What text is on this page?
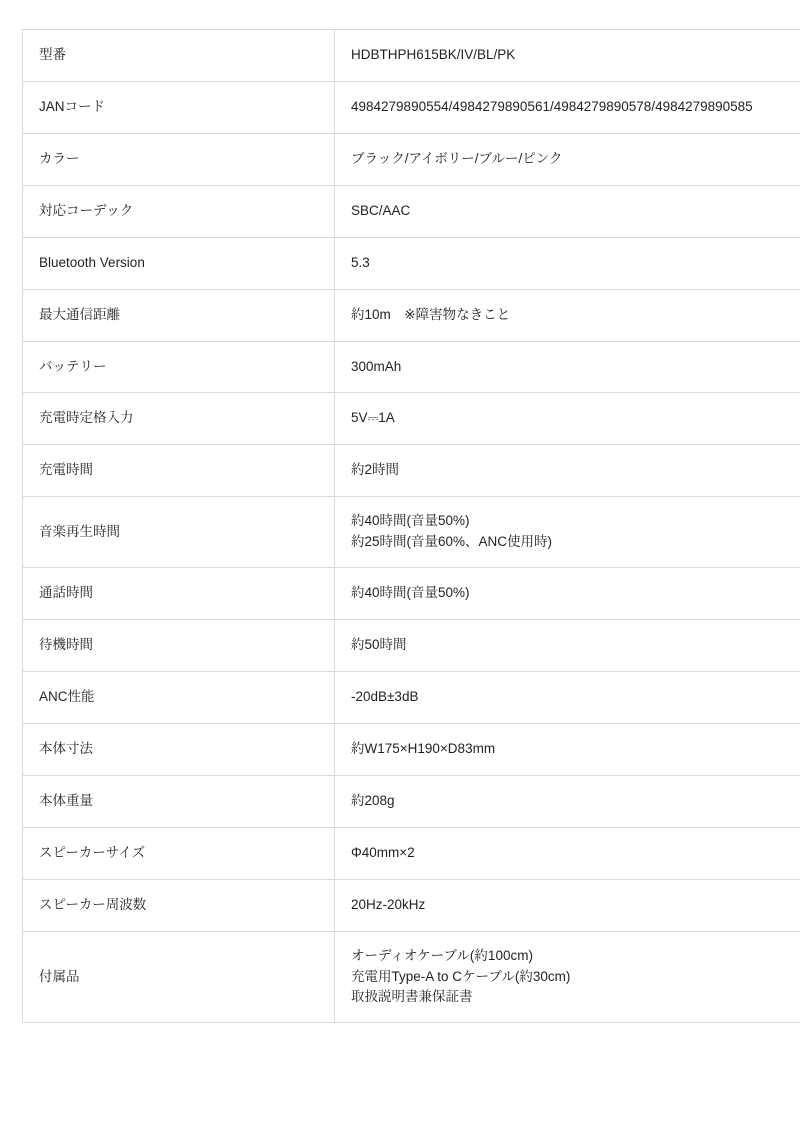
型番	HDBTHPH615BK/IV/BL/PK

JANコード	4984279890554/4984279890561/4984279890578/4984279890585

カラー	ブラック/アイボリー/ブルー/ピンク

対応コーデック	SBC/AAC

Bluetooth Version	5.3

最大通信距離	約10m　※障害物なきこと

バッテリー	300mAh

充電時定格入力	5V⎓1A

充電時間	約2時間

音楽再生時間	約40時間(音量50%)
約25時間(音量60%、ANC使用時)

通話時間	約40時間(音量50%)

待機時間	約50時間

ANC性能	-20dB±3dB

本体寸法	約W175×H190×D83mm

本体重量	約208g

スピーカーサイズ	Φ40mm×2

スピーカー周波数	20Hz-20kHz

付属品	オーディオケーブル(約100cm)
充電用Type-A to Cケーブル(約30cm)
取扱説明書兼保証書
